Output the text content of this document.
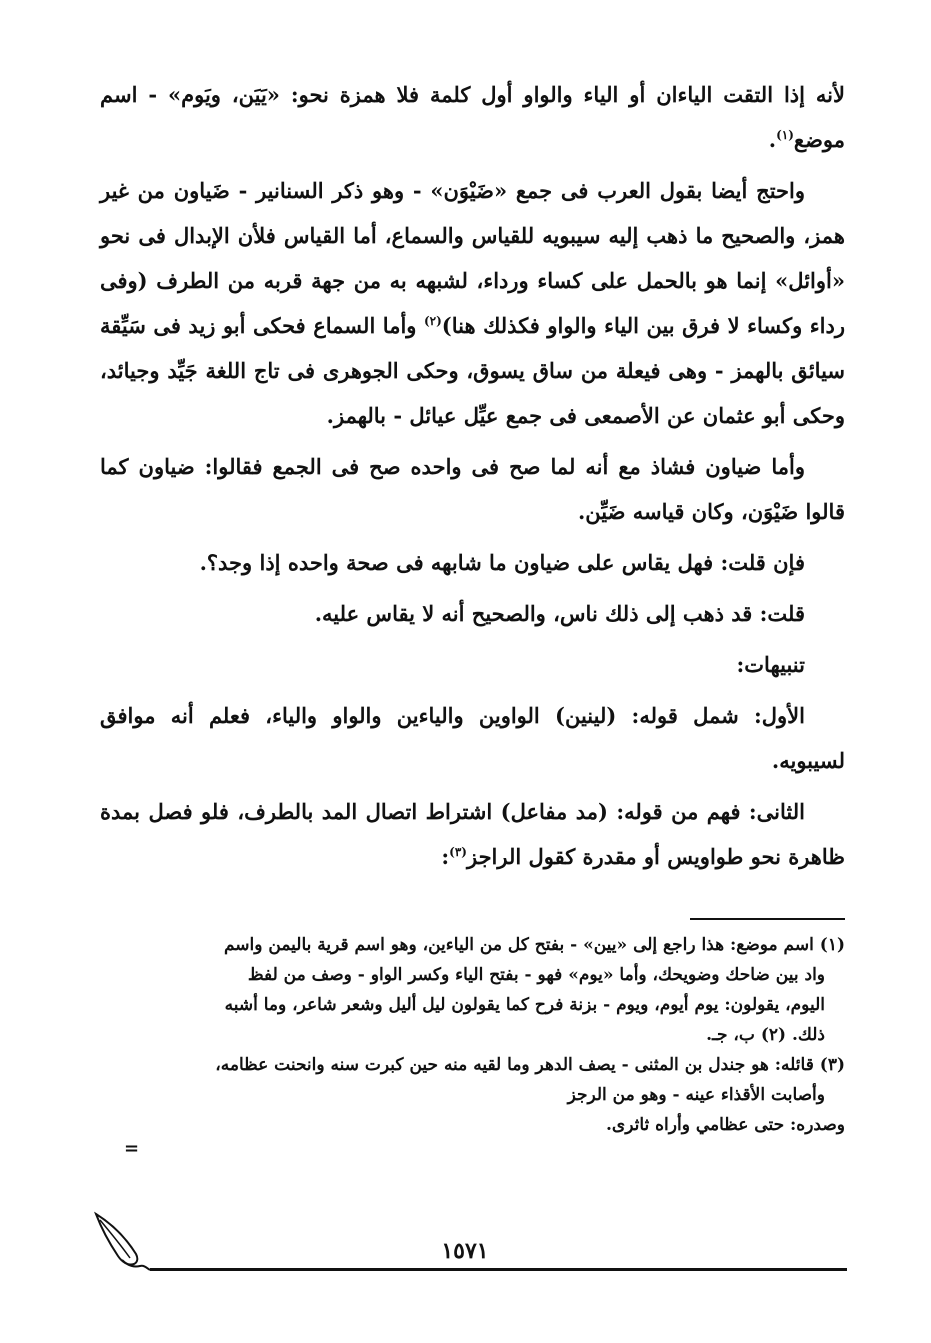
لأنه إذا التقت الياءان أو الياء والواو أول كلمة فلا همزة نحو: «يَيَن، ويَوم» - اسم موضع$^{(١)}$.

واحتج أيضا بقول العرب فى جمع «ضَيْوَن» - وهو ذكر السنانير - ضَياون من غير همز، والصحيح ما ذهب إليه سيبويه للقياس والسماع، أما القياس فلأن الإبدال فى نحو «أوائل» إنما هو بالحمل على كساء ورداء، لشبهه به من جهة قربه من الطرف (وفى رداء وكساء لا فرق بين الياء والواو فكذلك هنا)$^{(٢)}$ وأما السماع فحكى أبو زيد فى سَيِّقة سيائق بالهمز - وهى فيعلة من ساق يسوق، وحكى الجوهرى فى تاج اللغة جَيِّد وجيائد، وحكى أبو عثمان عن الأصمعى فى جمع عيِّل عيائل - بالهمز.

وأما ضياون فشاذ مع أنه لما صح فى واحده صح فى الجمع فقالوا: ضياون كما قالوا ضَيْوَن، وكان قياسه ضَيِّن.

فإن قلت: فهل يقاس على ضياون ما شابهه فى صحة واحده إذا وجد؟.

قلت: قد ذهب إلى ذلك ناس، والصحيح أنه لا يقاس عليه.

تنبيهات:

الأول: شمل قوله: (لينين) الواوين والياءين والواو والياء، فعلم أنه موافق لسيبويه.

الثانى: فهم من قوله: (مد مفاعل) اشتراط اتصال المد بالطرف، فلو فصل بمدة ظاهرة نحو طواويس أو مقدرة كقول الراجز$^{(٣)}$:

(١) اسم موضع: هذا راجع إلى «يين» - بفتح كل من الياءين، وهو اسم قرية باليمن واسم

واد بين ضاحك وضويحك، وأما «يوم» فهو - بفتح الياء وكسر الواو - وصف من لفظ

اليوم، يقولون: يوم أيوم، ويوم - بزنة فرح كما يقولون ليل أليل وشعر شاعر، وما أشبه

ذلك. (٢) ب، جـ.

(٣) قائله: هو جندل بن المثنى - يصف الدهر وما لقيه منه حين كبرت سنه وانحنت عظامه،

وأصابت الأقذاء عينه - وهو من الرجز

وصدره: حتى عظامي وأراه ثاثرى.

=
١٥٧١
